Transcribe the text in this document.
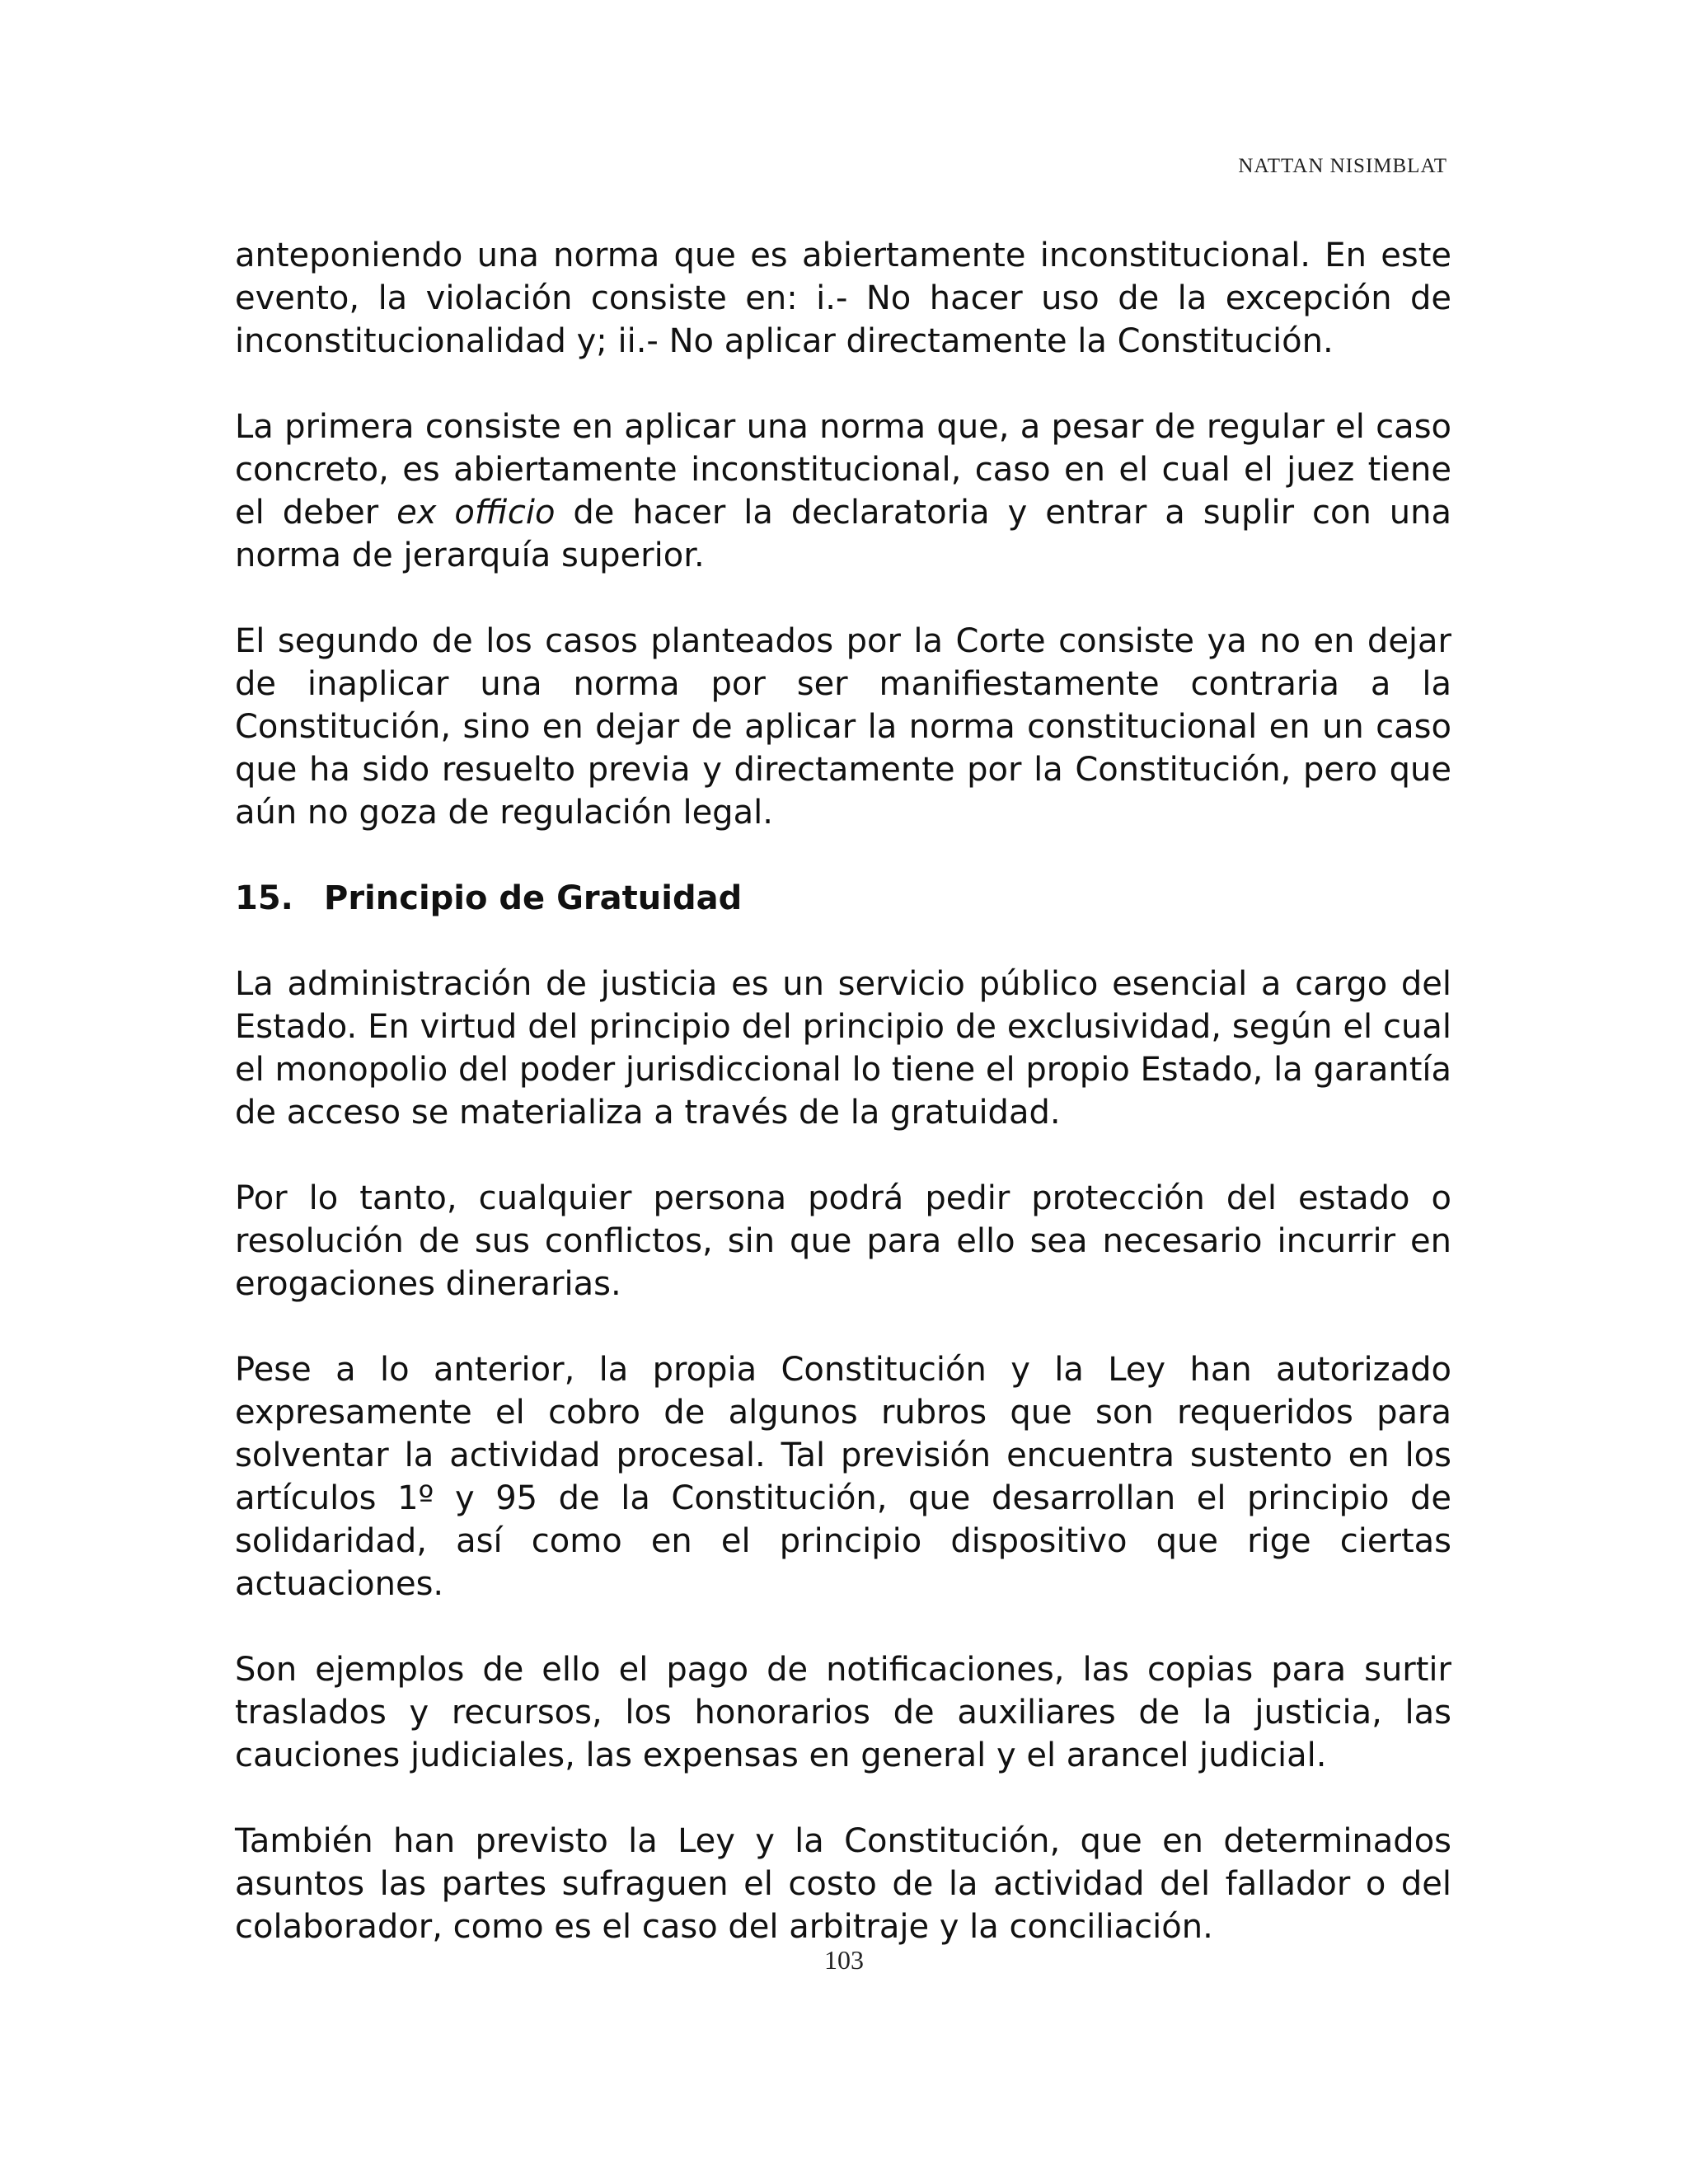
NATTAN NISIMBLAT

anteponiendo una norma que es abiertamente inconstitucional. En este evento, la violación consiste en: i.- No hacer uso de la excepción de inconstitucionalidad y; ii.- No aplicar directamente la Constitución.

La primera consiste en aplicar una norma que, a pesar de regular el caso concreto, es abiertamente inconstitucional, caso en el cual el juez tiene el deber ex officio de hacer la declaratoria y entrar a suplir con una norma de jerarquía superior.

El segundo de los casos planteados por la Corte consiste ya no en dejar de inaplicar una norma por ser manifiestamente contraria a la Constitución, sino en dejar de aplicar la norma constitucional en un caso que ha sido resuelto previa y directamente por la Constitución, pero que aún no goza de regulación legal.

15. Principio de Gratuidad

La administración de justicia es un servicio público esencial a cargo del Estado. En virtud del principio del principio de exclusividad, según el cual el monopolio del poder jurisdiccional lo tiene el propio Estado, la garantía de acceso se materializa a través de la gratuidad.

Por lo tanto, cualquier persona podrá pedir protección del estado o resolución de sus conflictos, sin que para ello sea necesario incurrir en erogaciones dinerarias.

Pese a lo anterior, la propia Constitución y la Ley han autorizado expresamente el cobro de algunos rubros que son requeridos para solventar la actividad procesal. Tal previsión encuentra sustento en los artículos 1º y 95 de la Constitución, que desarrollan el principio de solidaridad, así como en el principio dispositivo que rige ciertas actuaciones.

Son ejemplos de ello el pago de notificaciones, las copias para surtir traslados y recursos, los honorarios de auxiliares de la justicia, las cauciones judiciales, las expensas en general y el arancel judicial.

También han previsto la Ley y la Constitución, que en determinados asuntos las partes sufraguen el costo de la actividad del fallador o del colaborador, como es el caso del arbitraje y la conciliación.

103
